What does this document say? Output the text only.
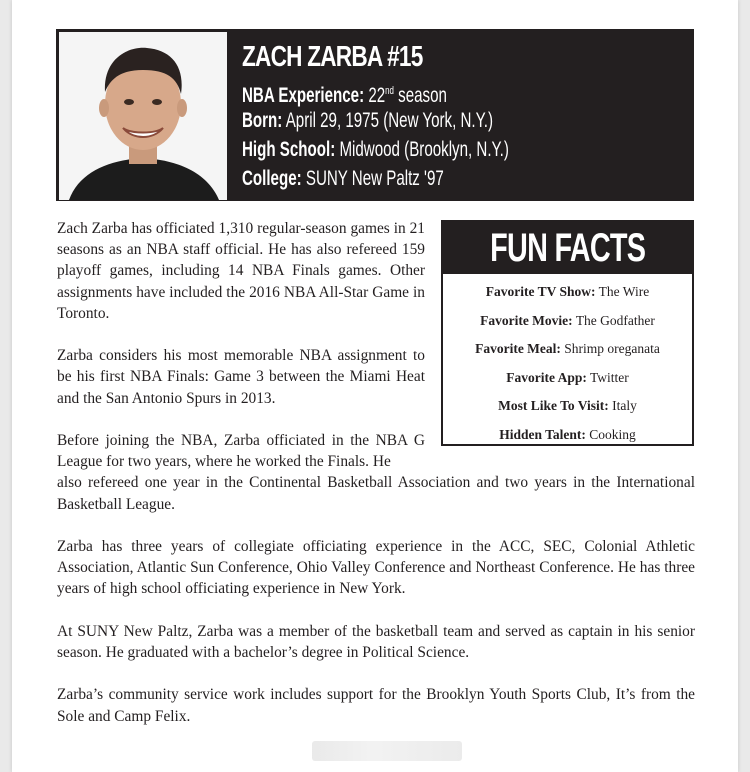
ZACH ZARBA #15
NBA Experience: 22nd season
Born: April 29, 1975 (New York, N.Y.)
High School: Midwood (Brooklyn, N.Y.)
College: SUNY New Paltz '97
FUN FACTS
Favorite TV Show: The Wire
Favorite Movie: The Godfather
Favorite Meal: Shrimp oreganata
Favorite App: Twitter
Most Like To Visit: Italy
Hidden Talent: Cooking

Zach Zarba has officiated 1,310 regular-season games in 21 seasons as an NBA staff official. He has also refereed 159 playoff games, including 14 NBA Finals games. Other assignments have included the 2016 NBA All-Star Game in Toronto.

Zarba considers his most memorable NBA assignment to be his first NBA Finals: Game 3 between the Miami Heat and the San Antonio Spurs in 2013.

Before joining the NBA, Zarba officiated in the NBA G League for two years, where he worked the Finals. He
also refereed one year in the Continental Basketball Association and two years in the International Basketball League.

Zarba has three years of collegiate officiating experience in the ACC, SEC, Colonial Athletic Association, Atlantic Sun Conference, Ohio Valley Conference and Northeast Conference. He has three years of high school officiating experience in New York.

At SUNY New Paltz, Zarba was a member of the basketball team and served as captain in his senior season. He graduated with a bachelor’s degree in Political Science.

Zarba’s community service work includes support for the Brooklyn Youth Sports Club, It’s from the Sole and Camp Felix.
